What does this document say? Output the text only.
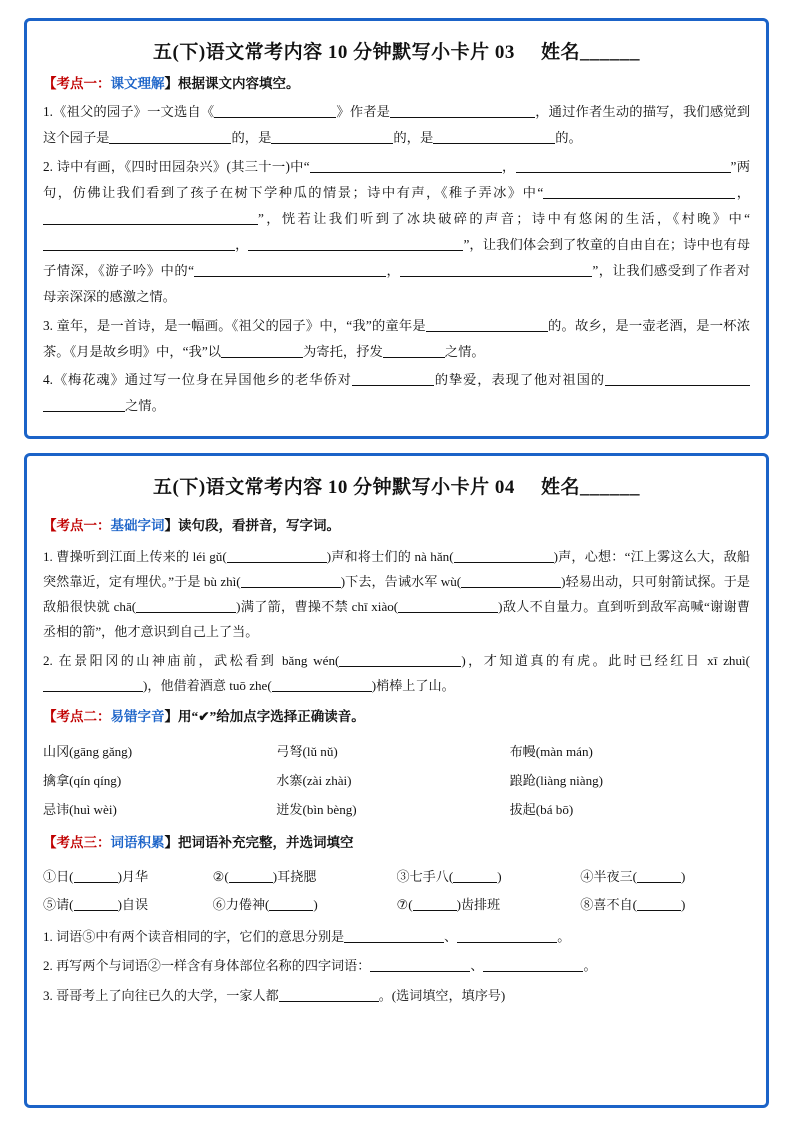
五(下)语文常考内容 10 分钟默写小卡片 03 姓名______
【考点一：课文理解】根据课文内容填空。

1.《祖父的园子》一文选自《	》作者是	，通过作者生动的描写，我们感觉到这个园子是	的，是	的，是	的。

2. 诗中有画，《四时田园杂兴》(其三十一)中“	，	”两句，仿佛让我们看到了孩子在树下学种瓜的情景；诗中有声，《稚子弄冰》中“	，”，恍若让我们听到了冰块破碎的声音；诗中有悠闲的生活，《村晚》中“，	”，让我们体会到了牧童的自由自在；诗中也有母子情深，《游子吟》中的“	，	”，让我们感受到了作者对母亲深深的感激之情。

3. 童年，是一首诗，是一幅画。《祖父的园子》中，“我”的童年是	的。故乡，是一壶老酒，是一杯浓茶。《月是故乡明》中，“我”以	为寄托，抒发	之情。

4.《梅花魂》通过写一位身在异国他乡的老华侨对	的挚爱，表现了他对祖国的之情。

五(下)语文常考内容 10 分钟默写小卡片 04 姓名______
【考点一：基础字词】读句段，看拼音，写字词。

1. 曹操听到江面上传来的 léi gǔ(	)声和将士们的 nà hǎn(	)声，心想：“江上雾这么大，敌船突然靠近，定有埋伏。”于是 bù zhì(	)下去，告诫水军 wù(	)轻易出动，只可射箭试探。于是敌船很快就 chā(	)满了箭，曹操不禁 chī xiào(	)敌人不自量力。直到听到敌军高喊“谢谢曹丞相的箭”，他才意识到自己上了当。

2. 在景阳冈的山神庙前，武松看到 bǎng wén(	)，才知道真的有虎。此时已经红日 xī zhuì()，他借着酒意 tuō zhe(	)梢棒上了山。

【考点二：易错字音】用“✔”给加点字选择正确读音。
山冈(gāng gǎng)	弓弩(lǔ nǔ)	布幔(màn mán)
擒拿(qín qíng)	水寨(zài zhài)	踉跄(liàng niàng)
忌讳(huì wèi)	迸发(bìn bèng)	拔起(bá bō)
【考点三：词语积累】把词语补充完整，并选词填空
①日( )月华	②( )耳挠腮	③七手八( )	④半夜三( )
⑤请( )自误	⑥力倦神( )	⑦( )齿排班	⑧喜不自( )

1. 词语⑤中有两个读音相同的字，它们的意思分别是	、	。

2. 再写两个与词语②一样含有身体部位名称的四字词语：	、	。

3. 哥哥考上了向往已久的大学，一家人都	。(选词填空，填序号)
